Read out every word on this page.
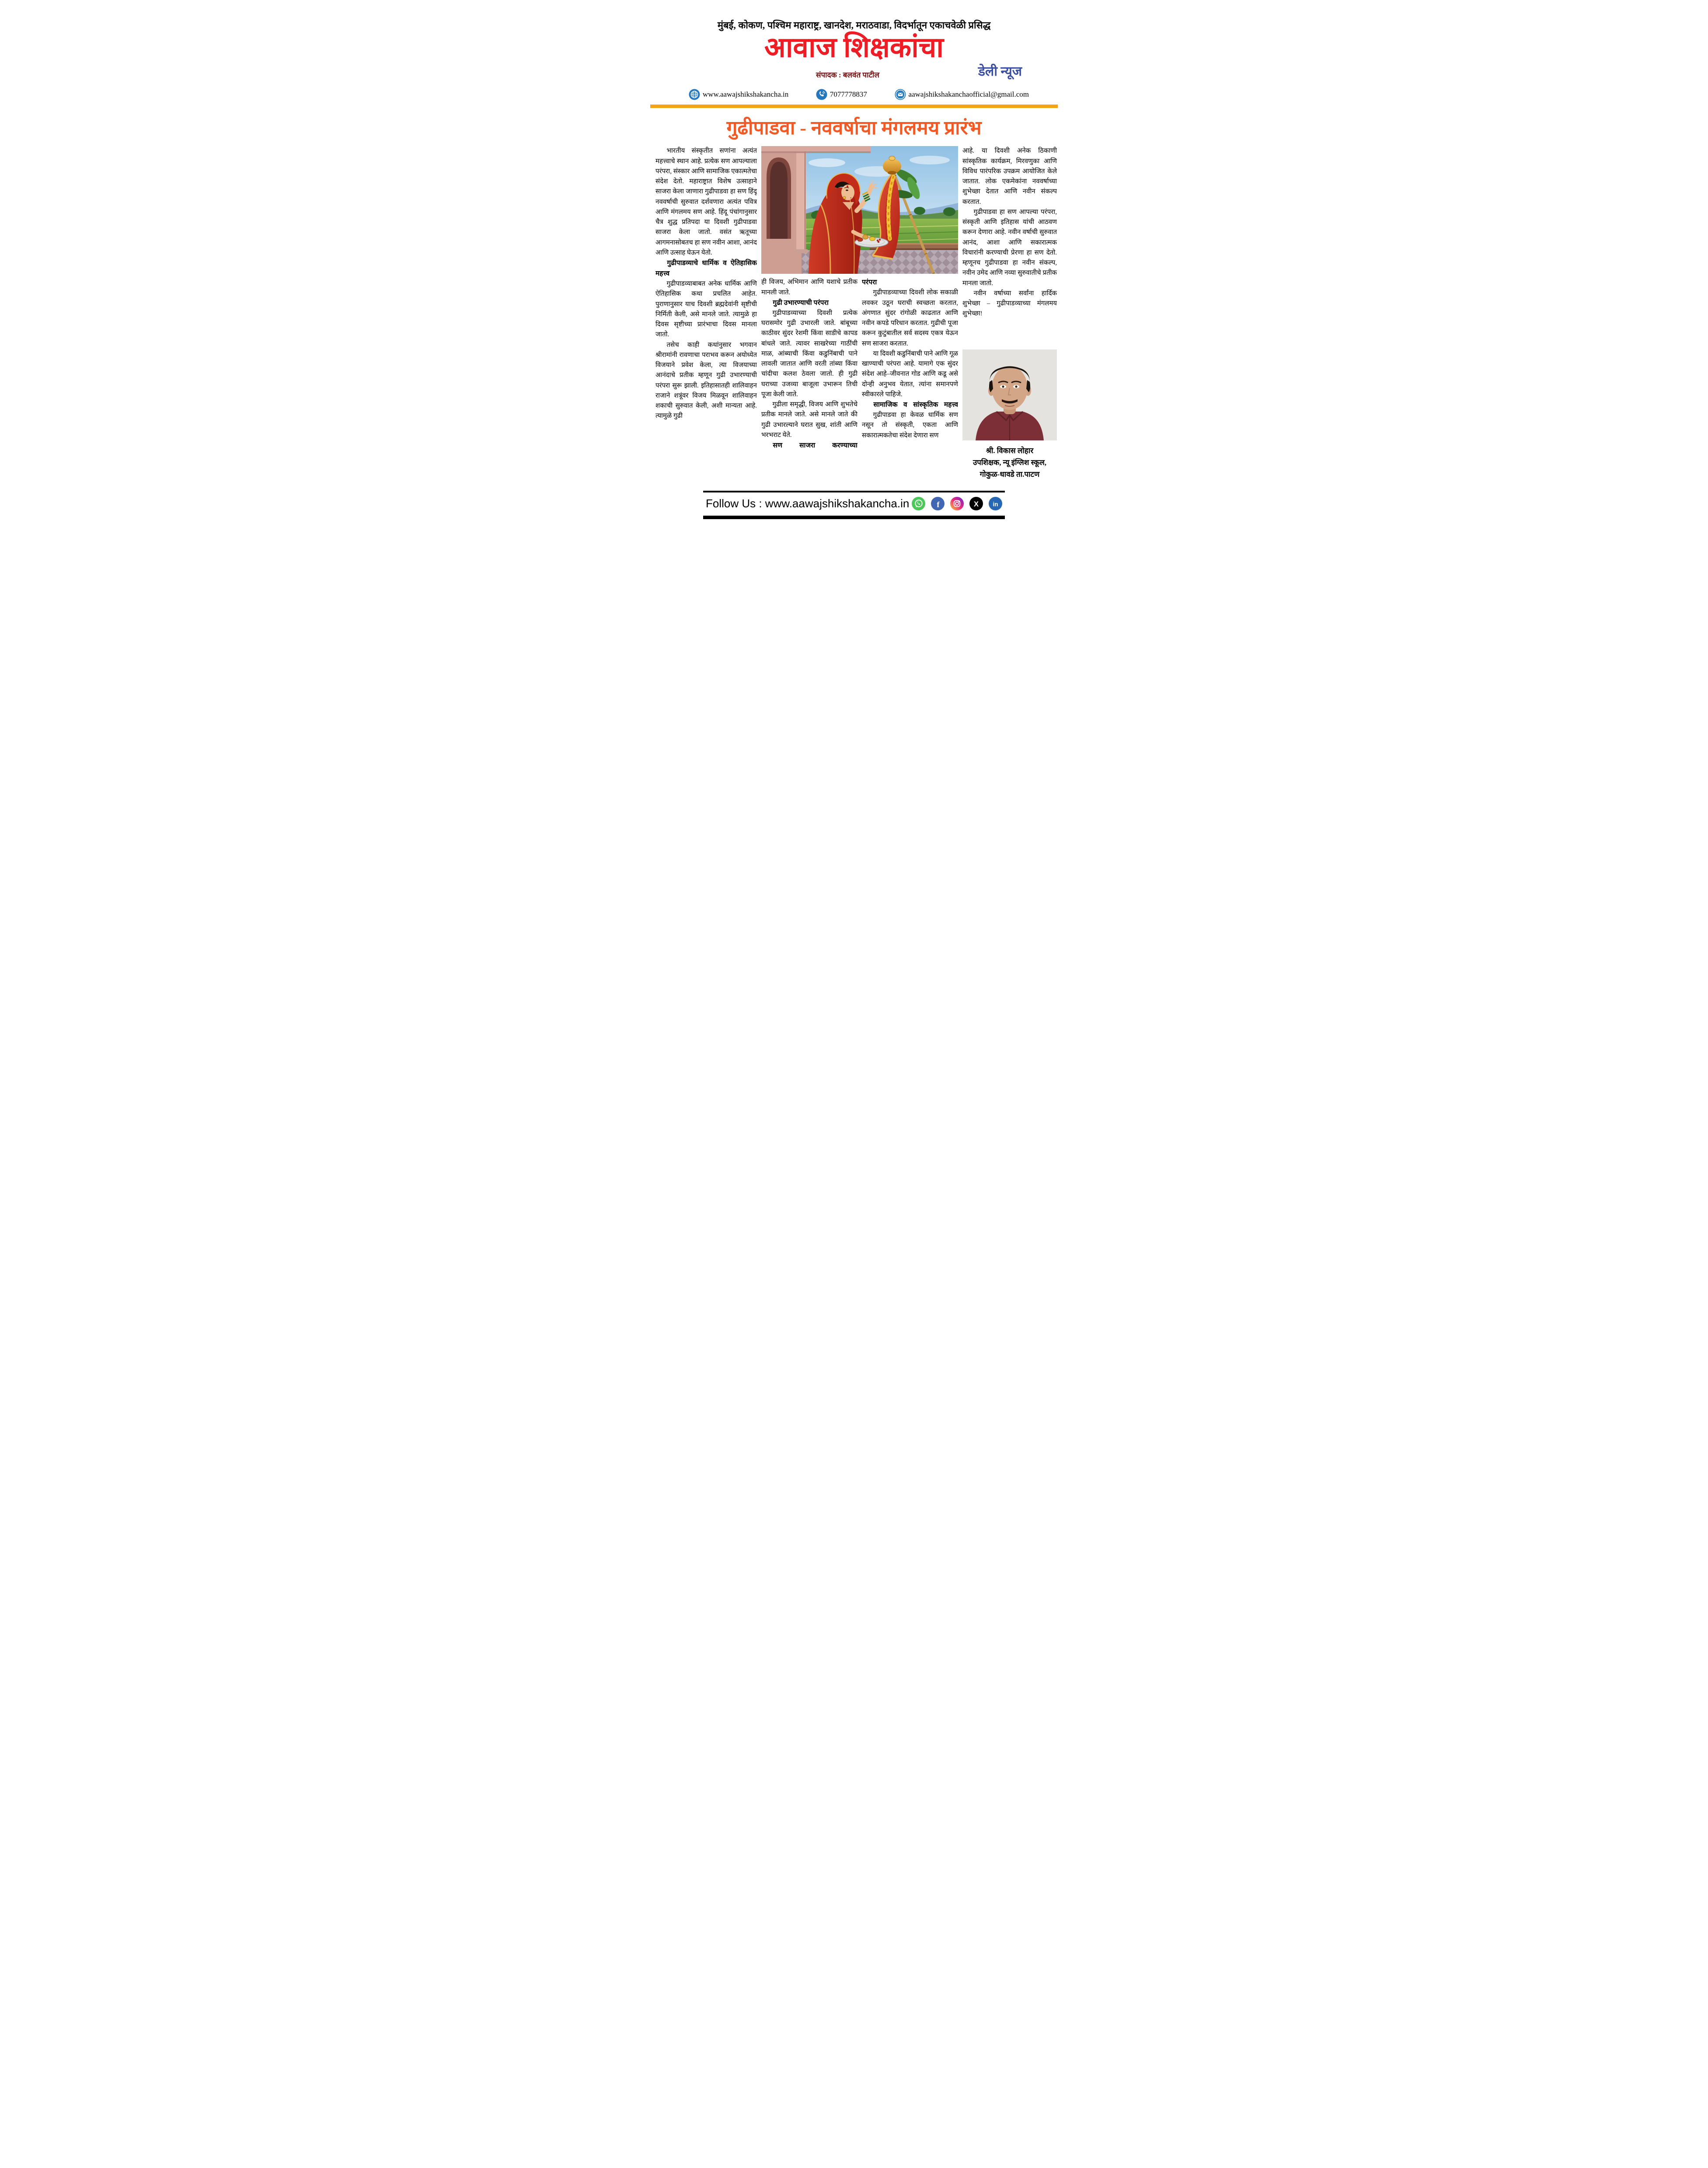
मुंबई, कोकण, पश्चिम महाराष्ट्र, खानदेश, मराठवाडा, विदर्भातून एकाचवेळी प्रसिद्ध
आवाज शिक्षकांचा
संपादक : बलवंत पाटील	डेली न्यूज
www.aawajshikshakancha.in	7077778837	aawajshikshakanchaofficial@gmail.com
गुढीपाडवा - नववर्षाचा मंगलमय प्रारंभ

भारतीय संस्कृतीत सणांना अत्यंत महत्त्वाचे स्थान आहे. प्रत्येक सण आपल्याला परंपरा, संस्कार आणि सामाजिक एकात्मतेचा संदेश देतो. महाराष्ट्रात विशेष उत्साहाने साजरा केला जाणारा गुढीपाडवा हा सण हिंदू नववर्षाची सुरुवात दर्शवणारा अत्यंत पवित्र आणि मंगलमय सण आहे. हिंदू पंचांगानुसार चैत्र शुद्ध प्रतिपदा या दिवशी गुढीपाडवा साजरा केला जातो. वसंत ऋतूच्या आगमनासोबतच हा सण नवीन आशा, आनंद आणि उत्साह घेऊन येतो.

गुढीपाडव्याचे धार्मिक व ऐतिहासिक महत्त्व

गुढीपाडव्याबाबत अनेक धार्मिक आणि ऐतिहासिक कथा प्रचलित आहेत. पुराणानुसार याच दिवशी ब्रह्मदेवांनी सृष्टीची निर्मिती केली, असे मानले जाते. त्यामुळे हा दिवस सृष्टीच्या प्रारंभाचा दिवस मानला जातो.

तसेच काही कथांनुसार भगवान श्रीरामांनी रावणाचा पराभव करून अयोध्येत विजयाने प्रवेश केला, त्या विजयाच्या आनंदाचे प्रतीक म्हणून गुढी उभारण्याची परंपरा सुरू झाली. इतिहासातही शालिवाहन राजाने शत्रूंवर विजय मिळवून शालिवाहन शकाची सुरुवात केली, अशी मान्यता आहे. त्यामुळे गुढी

ही विजय, अभिमान आणि यशाचे प्रतीक मानली जाते.

गुढी उभारण्याची परंपरा

गुढीपाडव्याच्या दिवशी प्रत्येक घरासमोर गुढी उभारली जाते. बांबूच्या काठीवर सुंदर रेशमी किंवा साडीचे कापड बांधले जाते. त्यावर साखरेच्या गाठींची माळ, आंब्याची किंवा कडुनिंबाची पाने लावली जातात आणि वरती तांब्या किंवा चांदीचा कलश ठेवला जातो. ही गुढी घराच्या उजव्या बाजूला उभारून तिची पूजा केली जाते.

गुढीला समृद्धी, विजय आणि शुभतेचे प्रतीक मानले जाते. असे मानले जाते की गुढी उभारल्याने घरात सुख, शांती आणि भरभराट येते.

सण साजरा करण्याच्या
परंपरा

गुढीपाडव्याच्या दिवशी लोक सकाळी लवकर उठून घराची स्वच्छता करतात, अंगणात सुंदर रांगोळी काढतात आणि नवीन कपडे परिधान करतात. गुढीची पूजा करून कुटुंबातील सर्व सदस्य एकत्र येऊन सण साजरा करतात.

या दिवशी कडुनिंबाची पाने आणि गूळ खाण्याची परंपरा आहे. यामागे एक सुंदर संदेश आहे–जीवनात गोड आणि कडू असे दोन्ही अनुभव येतात, त्यांना समानपणे स्वीकारले पाहिजे.

सामाजिक व सांस्कृतिक महत्त्व

गुढीपाडवा हा केवळ धार्मिक सण नसून तो संस्कृती, एकता आणि सकारात्मकतेचा संदेश देणारा सण

आहे. या दिवशी अनेक ठिकाणी सांस्कृतिक कार्यक्रम, मिरवणुका आणि विविध पारंपरिक उपक्रम आयोजित केले जातात. लोक एकमेकांना नववर्षाच्या शुभेच्छा देतात आणि नवीन संकल्प करतात.

गुढीपाडवा हा सण आपल्या परंपरा, संस्कृती आणि इतिहास यांची आठवण करून देणारा आहे. नवीन वर्षाची सुरुवात आनंद, आशा आणि सकारात्मक विचारांनी करण्याची प्रेरणा हा सण देतो. म्हणूनच गुढीपाडवा हा नवीन संकल्प, नवीन उमेद आणि नव्या सुरुवातीचे प्रतीक मानला जातो.

नवीन वर्षाच्या सर्वांना हार्दिक शुभेच्छा – गुढीपाडव्याच्या मंगलमय शुभेच्छा!

श्री. विकास लोहार
उपशिक्षक, न्यू इंग्लिश स्कूल,
गोकुळ-धावडे ता.पाटण
Follow Us : www.aawajshikshakancha.in	f	X in
